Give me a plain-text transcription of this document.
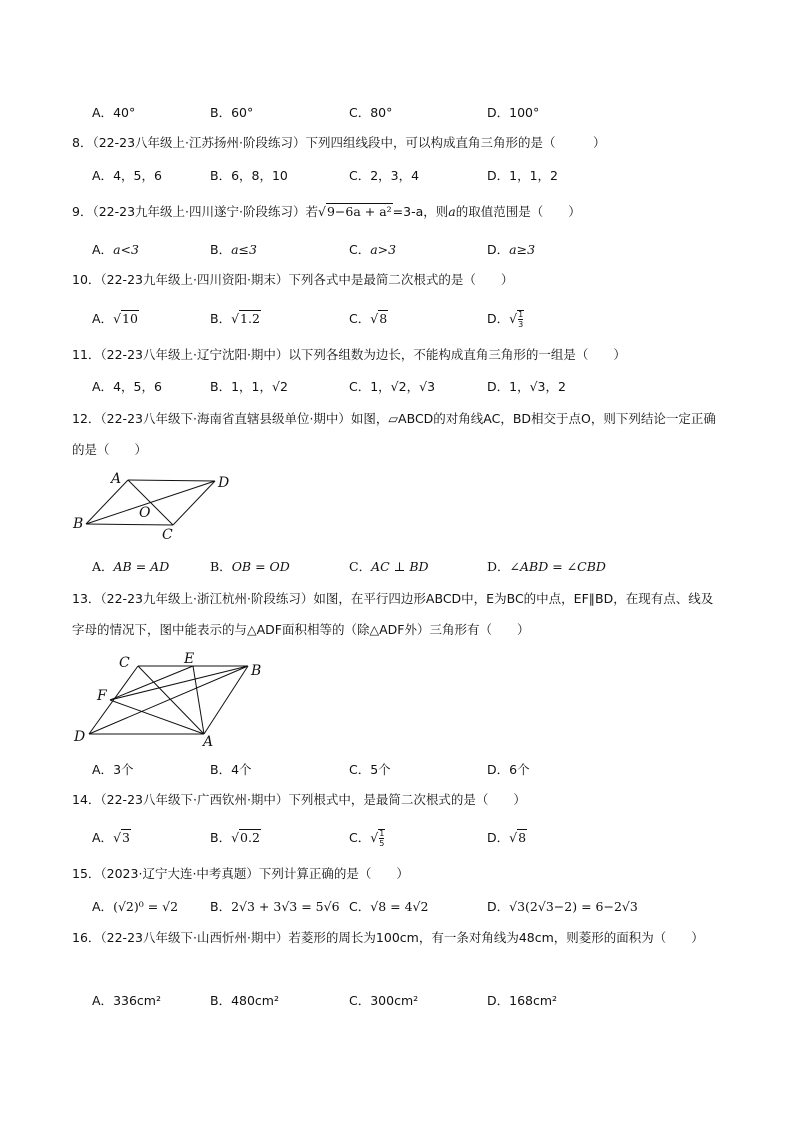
A．40°	B．60°	C．80°	D．100°
8．（22-23八年级上·江苏扬州·阶段练习）下列四组线段中，可以构成直角三角形的是（　　　）
A．4，5，6	B．6，8，10	C．2，3，4	D．1，1，2
9．（22-23九年级上·四川遂宁·阶段练习）若√9−6a + a²=3-a，则a的取值范围是（　　）
A．a<3	B．a≤3	C．a>3	D．a≥3
10．（22-23九年级上·四川资阳·期末）下列各式中是最简二次根式的是（　　）
A．√10	B．√1.2	C．√8	D．√ $\frac{1}{3}$
11．（22-23八年级上·辽宁沈阳·期中）以下列各组数为边长，不能构成直角三角形的一组是（　　）
A．4，5，6	B．1，1，√2	C．1，√2，√3	D．1，√3，2
12．（22-23八年级下·海南省直辖县级单位·期中）如图，▱ABCD的对角线AC，BD相交于点O，则下列结论一定正确的是（　　）
A	D
O
B
C
A．AB = AD	B．OB = OD	C．AC ⊥ BD	D．∠ABD = ∠CBD
13．（22-23九年级上·浙江杭州·阶段练习）如图，在平行四边形ABCD中，E为BC的中点，EF∥BD，在现有点、线及字母的情况下，图中能表示的与△ADF面积相等的（除△ADF外）三角形有（　　）
C	E
B
F
D	A
A．3个	B．4个	C．5个	D．6个
14．（22-23八年级下·广西钦州·期中）下列根式中，是最简二次根式的是（　　）
A．√3	B．√0.2	C．√ $\frac{1}{5}$	D．√8
15．（2023·辽宁大连·中考真题）下列计算正确的是（　　）
A．(√2)⁰ = √2	B．2√3 + 3√3 = 5√6 C．√8 = 4√2	D．√3(2√3−2) = 6−2√3
16．（22-23八年级下·山西忻州·期中）若菱形的周长为100cm，有一条对角线为48cm，则菱形的面积为（　　）
A．336cm²	B．480cm²	C．300cm²	D．168cm²
